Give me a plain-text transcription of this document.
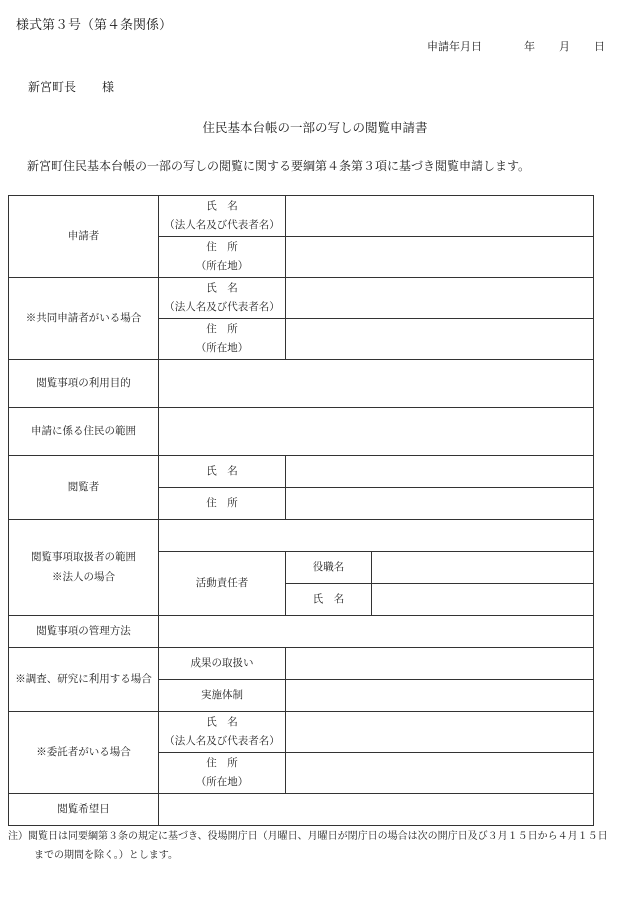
様式第３号（第４条関係）
申請年月日	年 月 日
新宮町長 様
住民基本台帳の一部の写しの閲覧申請書
新宮町住民基本台帳の一部の写しの閲覧に関する要綱第４条第３項に基づき閲覧申請します。
申請者	氏　名
（法人名及び代表者名）		

	住　所
（所在地）		

※共同申請者がいる場合	氏　名
（法人名及び代表者名）		

	住　所
（所在地）		

閲覧事項の利用目的			
申請に係る住民の範囲			
閲覧者	氏　名		
	住　所		

閲覧事項取扱者の範囲
※法人の場合			

	活動責任者	役職名	
		氏　名	
閲覧事項の管理方法			
※調査、研究に利用する場合	成果の取扱い		
	実施体制		
※委託者がいる場合	氏　名
（法人名及び代表者名）		

	住　所
（所在地）		

閲覧希望日			
注）閲覧日は同要綱第３条の規定に基づき、役場開庁日（月曜日、月曜日が閉庁日の場合は次の開庁日及び３月１５日から４月１５日
までの期間を除く。）とします。
